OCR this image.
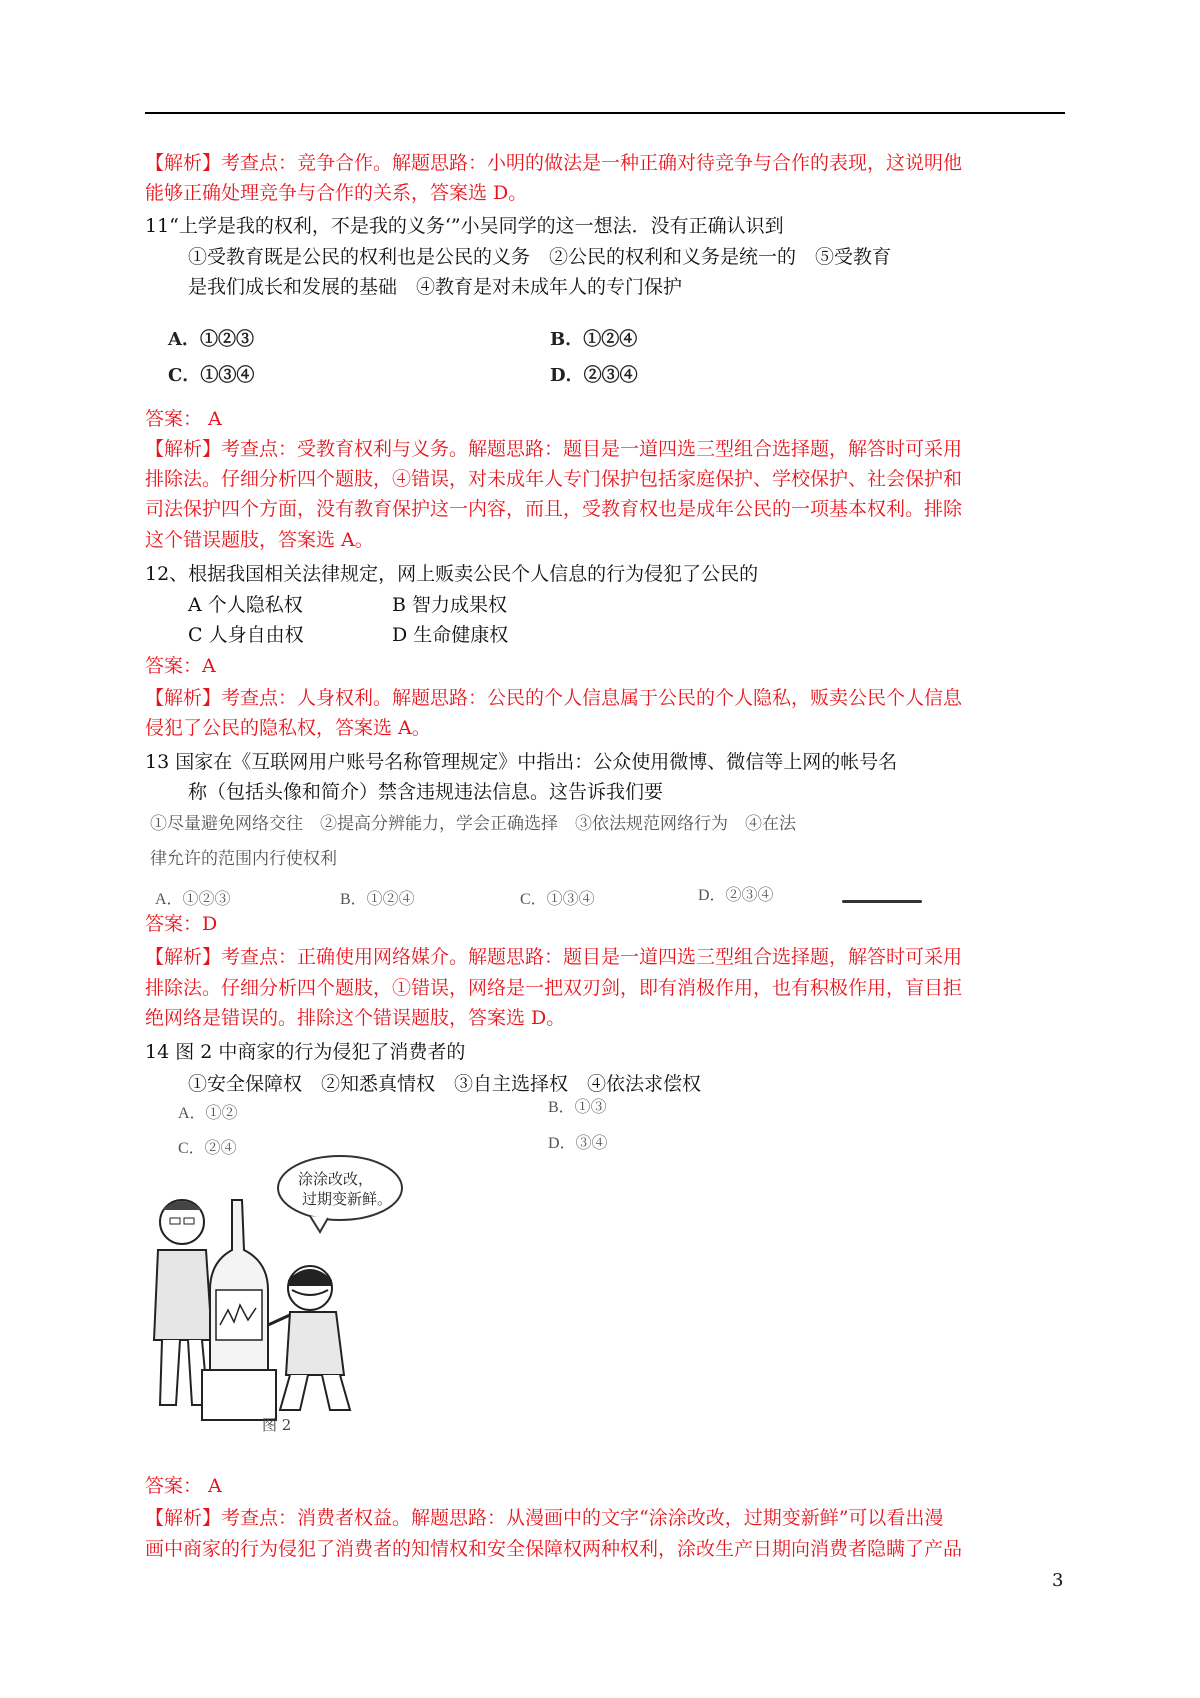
【解析】考查点：竞争合作。解题思路：小明的做法是一种正确对待竞争与合作的表现，这说明他
能够正确处理竞争与合作的关系，答案选 D。
11“上学是我的权利，不是我的义务‘”小吴同学的这一想法．没有正确认识到
①受教育既是公民的权利也是公民的义务　②公民的权利和义务是统一的　⑤受教育
是我们成长和发展的基础　④教育是对未成年人的专门保护
A．①②③	B．①②④
C．①③④	D．②③④
答案： A
【解析】考查点：受教育权利与义务。解题思路：题目是一道四选三型组合选择题，解答时可采用
排除法。仔细分析四个题肢，④错误，对未成年人专门保护包括家庭保护、学校保护、社会保护和
司法保护四个方面，没有教育保护这一内容，而且，受教育权也是成年公民的一项基本权利。排除
这个错误题肢，答案选 A。
12、根据我国相关法律规定，网上贩卖公民个人信息的行为侵犯了公民的
A 个人隐私权	B 智力成果权
C 人身自由权	D 生命健康权
答案：A
【解析】考查点：人身权利。解题思路：公民的个人信息属于公民的个人隐私，贩卖公民个人信息
侵犯了公民的隐私权，答案选 A。
13 国家在《互联网用户账号名称管理规定》中指出：公众使用微博、微信等上网的帐号名
称（包括头像和简介）禁含违规违法信息。这告诉我们要
①尽量避免网络交往　②提高分辨能力，学会正确选择　③依法规范网络行为　④在法
律允许的范围内行使权利
A．①②③	B．①②④	C．①③④	D．②③④
答案：D
【解析】考查点：正确使用网络媒介。解题思路：题目是一道四选三型组合选择题，解答时可采用
排除法。仔细分析四个题肢，①错误，网络是一把双刃剑，即有消极作用，也有积极作用，盲目拒
绝网络是错误的。排除这个错误题肢，答案选 D。
14 图 2 中商家的行为侵犯了消费者的
①安全保障权　②知悉真情权　③自主选择权　④依法求偿权
A．①②	B．①③
C．②④	D．③④
涂涂改改，
过期变新鲜。
图 2
答案： A
【解析】考查点：消费者权益。解题思路：从漫画中的文字“涂涂改改，过期变新鲜”可以看出漫
画中商家的行为侵犯了消费者的知情权和安全保障权两种权利，涂改生产日期向消费者隐瞒了产品
3
